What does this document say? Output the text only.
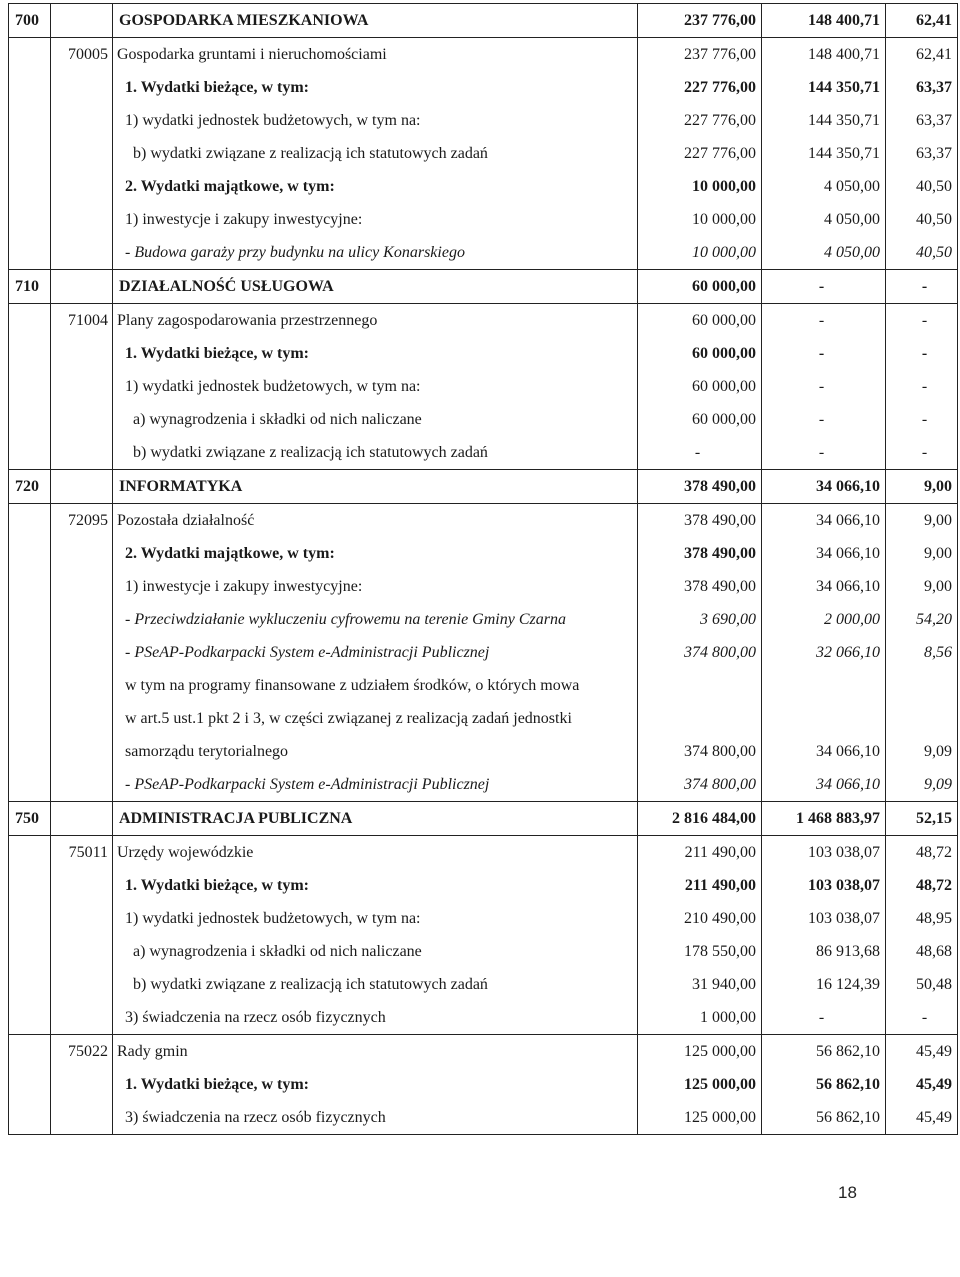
700		GOSPODARKA MIESZKANIOWA	237 776,00	148 400,71	62,41
	70005	Gospodarka gruntami i nieruchomościami	237 776,00	148 400,71	62,41
		1. Wydatki bieżące, w tym:	227 776,00	144 350,71	63,37
		1) wydatki jednostek budżetowych, w tym na:	227 776,00	144 350,71	63,37
		b) wydatki związane z realizacją ich statutowych zadań	227 776,00	144 350,71	63,37
		2. Wydatki majątkowe, w tym:	10 000,00	4 050,00	40,50
		1) inwestycje i zakupy inwestycyjne:	10 000,00	4 050,00	40,50
		- Budowa garaży przy budynku na ulicy Konarskiego	10 000,00	4 050,00	40,50
710		DZIAŁALNOŚĆ USŁUGOWA	60 000,00	-	-
	71004	Plany zagospodarowania przestrzennego	60 000,00	-	-
		1. Wydatki bieżące, w tym:	60 000,00	-	-
		1) wydatki jednostek budżetowych, w tym na:	60 000,00	-	-
		a) wynagrodzenia i składki od nich naliczane	60 000,00	-	-
		b) wydatki związane z realizacją ich statutowych zadań	-	-	-
720		INFORMATYKA	378 490,00	34 066,10	9,00
	72095	Pozostała działalność	378 490,00	34 066,10	9,00
		2. Wydatki majątkowe, w tym:	378 490,00	34 066,10	9,00
		1) inwestycje i zakupy inwestycyjne:	378 490,00	34 066,10	9,00
		- Przeciwdziałanie wykluczeniu cyfrowemu na terenie Gminy Czarna	3 690,00	2 000,00	54,20
		- PSeAP-Podkarpacki System e-Administracji Publicznej	374 800,00	32 066,10	8,56
		w tym na programy finansowane z udziałem środków, o których mowa			
		w art.5 ust.1 pkt 2 i 3, w części związanej z realizacją zadań jednostki			
		samorządu terytorialnego	374 800,00	34 066,10	9,09
		- PSeAP-Podkarpacki System e-Administracji Publicznej	374 800,00	34 066,10	9,09
750		ADMINISTRACJA PUBLICZNA	2 816 484,00	1 468 883,97	52,15
	75011	Urzędy wojewódzkie	211 490,00	103 038,07	48,72
		1. Wydatki bieżące, w tym:	211 490,00	103 038,07	48,72
		1) wydatki jednostek budżetowych, w tym na:	210 490,00	103 038,07	48,95
		a) wynagrodzenia i składki od nich naliczane	178 550,00	86 913,68	48,68
		b) wydatki związane z realizacją ich statutowych zadań	31 940,00	16 124,39	50,48
		3) świadczenia na rzecz osób fizycznych	1 000,00	-	-
	75022	Rady gmin	125 000,00	56 862,10	45,49
		1. Wydatki bieżące, w tym:	125 000,00	56 862,10	45,49
		3) świadczenia na rzecz osób fizycznych	125 000,00	56 862,10	45,49
18
